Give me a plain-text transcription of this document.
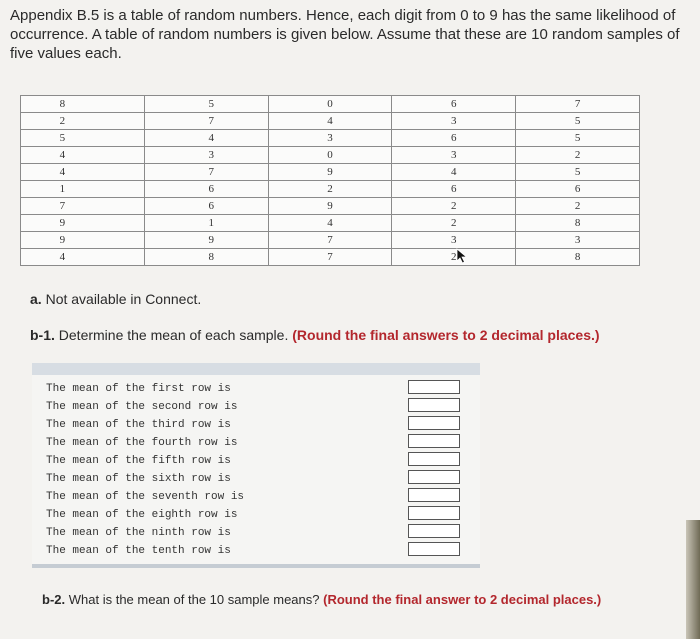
Appendix B.5 is a table of random numbers. Hence, each digit from 0 to 9 has the same likelihood of occurrence. A table of random numbers is given below. Assume that these are 10 random samples of five values each.
8	5	0	6	7
2	7	4	3	5
5	4	3	6	5
4	3	0	3	2
4	7	9	4	5
1	6	2	6	6
7	6	9	2	2
9	1	4	2	8
9	9	7	3	3
4	8	7	2	8
a. Not available in Connect.
b-1. Determine the mean of each sample. (Round the final answers to 2 decimal places.)
The mean of the first row is
The mean of the second row is
The mean of the third row is
The mean of the fourth row is
The mean of the fifth row is
The mean of the sixth row is
The mean of the seventh row is
The mean of the eighth row is
The mean of the ninth row is
The mean of the tenth row is
b-2. What is the mean of the 10 sample means? (Round the final answer to 2 decimal places.)
